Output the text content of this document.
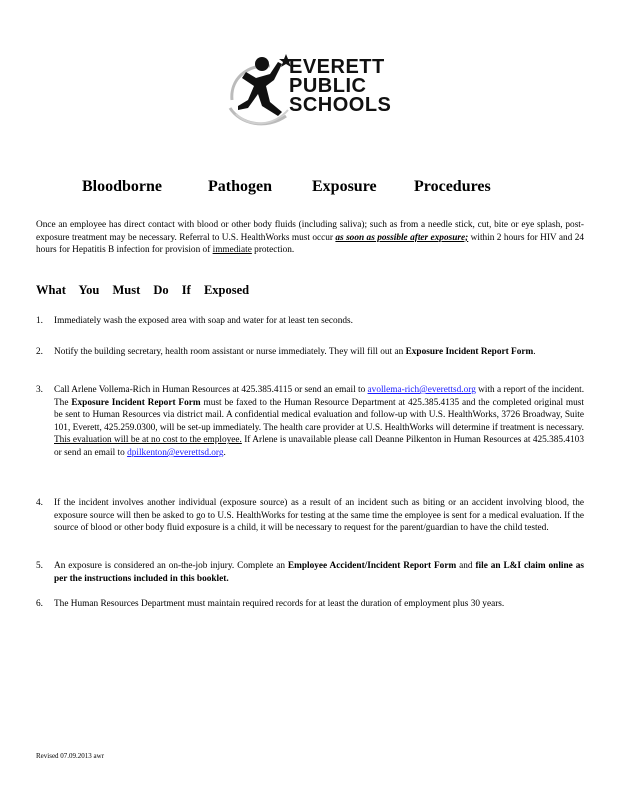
EVERETT
PUBLIC
SCHOOLS
Bloodborne	Pathogen	Exposure Procedures
Once an employee has direct contact with blood or other body fluids (including saliva); such as from a needle stick, cut, bite or eye splash, post-exposure treatment may be necessary. Referral to U.S. HealthWorks must occur as soon as possible after exposure; within 2 hours for HIV and 24 hours for Hepatitis B infection for provision of immediate protection.
What You Must Do If Exposed
1. Immediately wash the exposed area with soap and water for at least ten seconds.
2. Notify the building secretary, health room assistant or nurse immediately. They will fill out an Exposure Incident Report Form.
3. Call Arlene Vollema-Rich in Human Resources at 425.385.4115 or send an email to avollema-rich@everettsd.org with a report of the incident. The Exposure Incident Report Form must be faxed to the Human Resource Department at 425.385.4135 and the completed original must be sent to Human Resources via district mail. A confidential medical evaluation and follow-up with U.S. HealthWorks, 3726 Broadway, Suite 101, Everett, 425.259.0300, will be set-up immediately. The health care provider at U.S. HealthWorks will determine if treatment is necessary. This evaluation will be at no cost to the employee. If Arlene is unavailable please call Deanne Pilkenton in Human Resources at 425.385.4103 or send an email to dpilkenton@everettsd.org.
4. If the incident involves another individual (exposure source) as a result of an incident such as biting or an accident involving blood, the exposure source will then be asked to go to U.S. HealthWorks for testing at the same time the employee is sent for a medical evaluation. If the source of blood or other body fluid exposure is a child, it will be necessary to request for the parent/guardian to have the child tested.
5. An exposure is considered an on-the-job injury. Complete an Employee Accident/Incident Report Form and file an L&I claim online as per the instructions included in this booklet.
6. The Human Resources Department must maintain required records for at least the duration of employment plus 30 years.
Revised 07.09.2013 awr
